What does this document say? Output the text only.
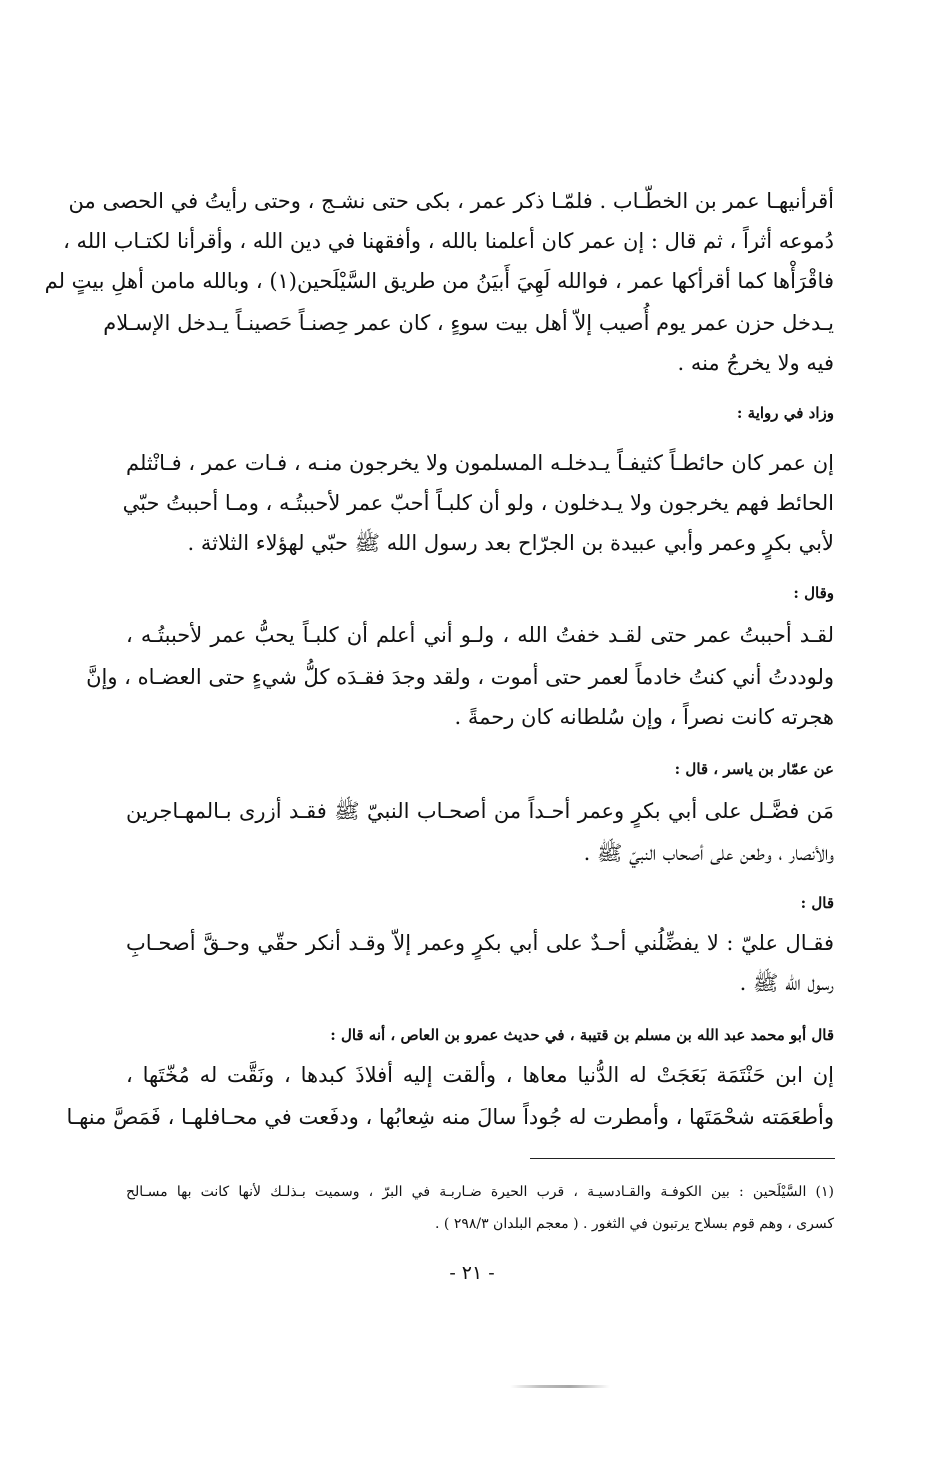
أقرأنيهـا عمر بن الخطّـاب . فلمّـا ذكر عمر ، بكى حتى نشـج ، وحتى رأيتُ في الحصى من
دُموعه أثراً ، ثم قال : إن عمر كان أعلمنا بالله ، وأفقهنا في دين الله ، وأقرأنا لكتـاب الله ،
فاقْرَأْها كما أقرأكها عمر ، فوالله لَهِيَ أَبيَنُ من طريق السَّيْلَحين(١) ، وبالله مامن أهلِ بيتٍ لم
يـدخل حزن عمر يوم أُصيب إلاّ أهل بيت سوءٍ ، كان عمر حِصنـاً حَصينـاً يـدخل الإسـلام
فيه ولا يخرجُ منه .
وزاد في رواية :
إن عمر كان حائطـاً كثيفـاً يـدخلـه المسلمون ولا يخرجون منـه ، فـات عمر ، فـانْثلم
الحائط فهم يخرجون ولا يـدخلون ، ولو أن كلبـاً أحبّ عمر لأحببتُـه ، ومـا أحببتُ حبّي
لأبي بكرٍ وعمر وأبي عبيدة بن الجرّاح بعد رسول الله ﷺ حبّي لهؤلاء الثلاثة .
وقال :
لقـد أحببتُ عمر حتى لقـد خفتُ الله ، ولـو أني أعلم أن كلبـاً يحبُّ عمر لأحببتُـه ،
ولوددتُ أني كنتُ خادماً لعمر حتى أموت ، ولقد وجدَ فقـدَه كلُّ شيءٍ حتى العضـاه ، وإنَّ
هجرته كانت نصراً ، وإن سُلطانه كان رحمةً .
عن عمّار بن ياسر ، قال :
مَن فضَّـل على أبي بكرٍ وعمر أحـداً من أصحـاب النبيّ ﷺ فقـد أزرى بـالمهـاجرين
والأنصار ، وطعن على أصحاب النبيّ ﷺ .
قال :
فقـال عليّ : لا يفضِّلُني أحـدٌ على أبي بكرٍ وعمر إلاّ وقـد أنكر حقّي وحـقَّ أصحـابِ
رسول الله ﷺ .
قال أبو محمد عبد الله بن مسلم بن قتيبة ، في حديث عمرو بن العاص ، أنه قال :
إن ابن حَنْتَمَة بَعَجَتْ له الدُّنيا معاها ، وألقت إليه أفلاذَ كبدها ، ونَقَّت له مُخّتَها ،
وأطعَمَته شحْمَتَها ، وأمطرت له جُوداً سالَ منه شِعابُها ، ودفَعت في محـافلهـا ، فَمَصَّ منهـا
(١) السَّيْلَحين : بين الكوفـة والقـادسيـة ، قرب الحيرة ضـاربـة في البرّ ، وسميت بـذلـك لأنها كانت بها مسـالح
كسرى ، وهم قوم بسلاح يرتبون في الثغور . ( معجم البلدان ٢٩٨/٣ ) .
- ٢١ -
